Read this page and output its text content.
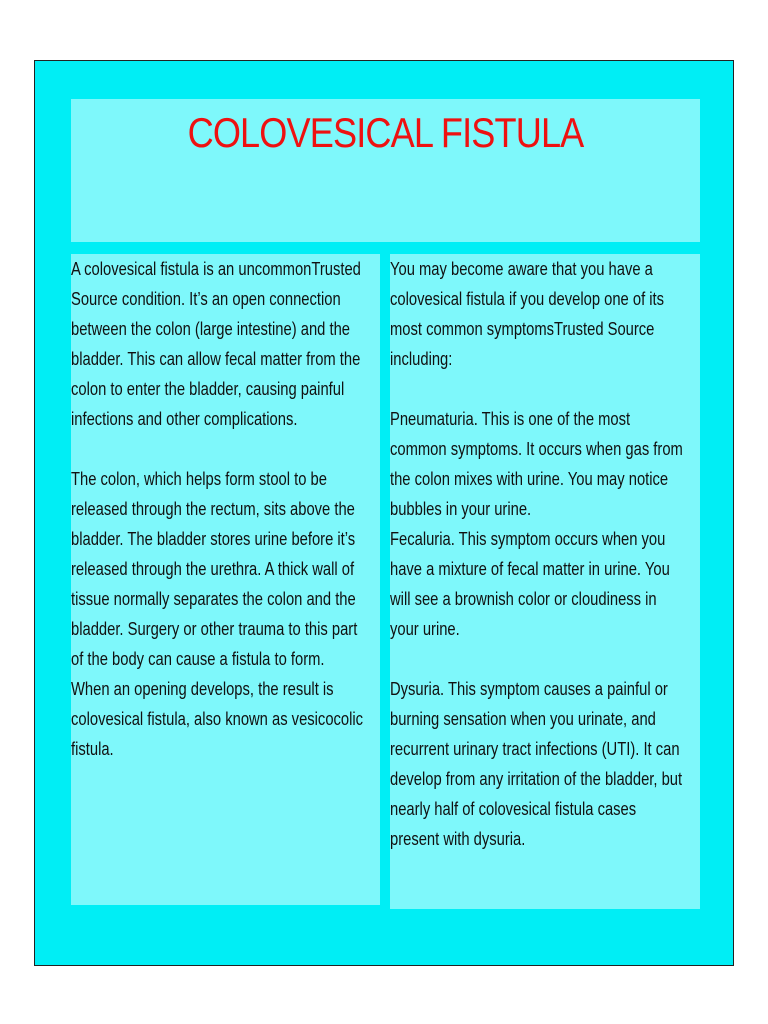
COLOVESICAL FISTULA
A colovesical fistula is an uncommonTrusted
Source condition. It’s an open connection
between the colon (large intestine) and the
bladder. This can allow fecal matter from the
colon to enter the bladder, causing painful
infections and other complications.
The colon, which helps form stool to be
released through the rectum, sits above the
bladder. The bladder stores urine before it’s
released through the urethra. A thick wall of
tissue normally separates the colon and the
bladder. Surgery or other trauma to this part
of the body can cause a fistula to form.
When an opening develops, the result is
colovesical fistula, also known as vesicocolic
fistula.
You may become aware that you have a
colovesical fistula if you develop one of its
most common symptomsTrusted Source
including:
Pneumaturia. This is one of the most
common symptoms. It occurs when gas from
the colon mixes with urine. You may notice
bubbles in your urine.
Fecaluria. This symptom occurs when you
have a mixture of fecal matter in urine. You
will see a brownish color or cloudiness in
your urine.
Dysuria. This symptom causes a painful or
burning sensation when you urinate, and
recurrent urinary tract infections (UTI). It can
develop from any irritation of the bladder, but
nearly half of colovesical fistula cases
present with dysuria.
